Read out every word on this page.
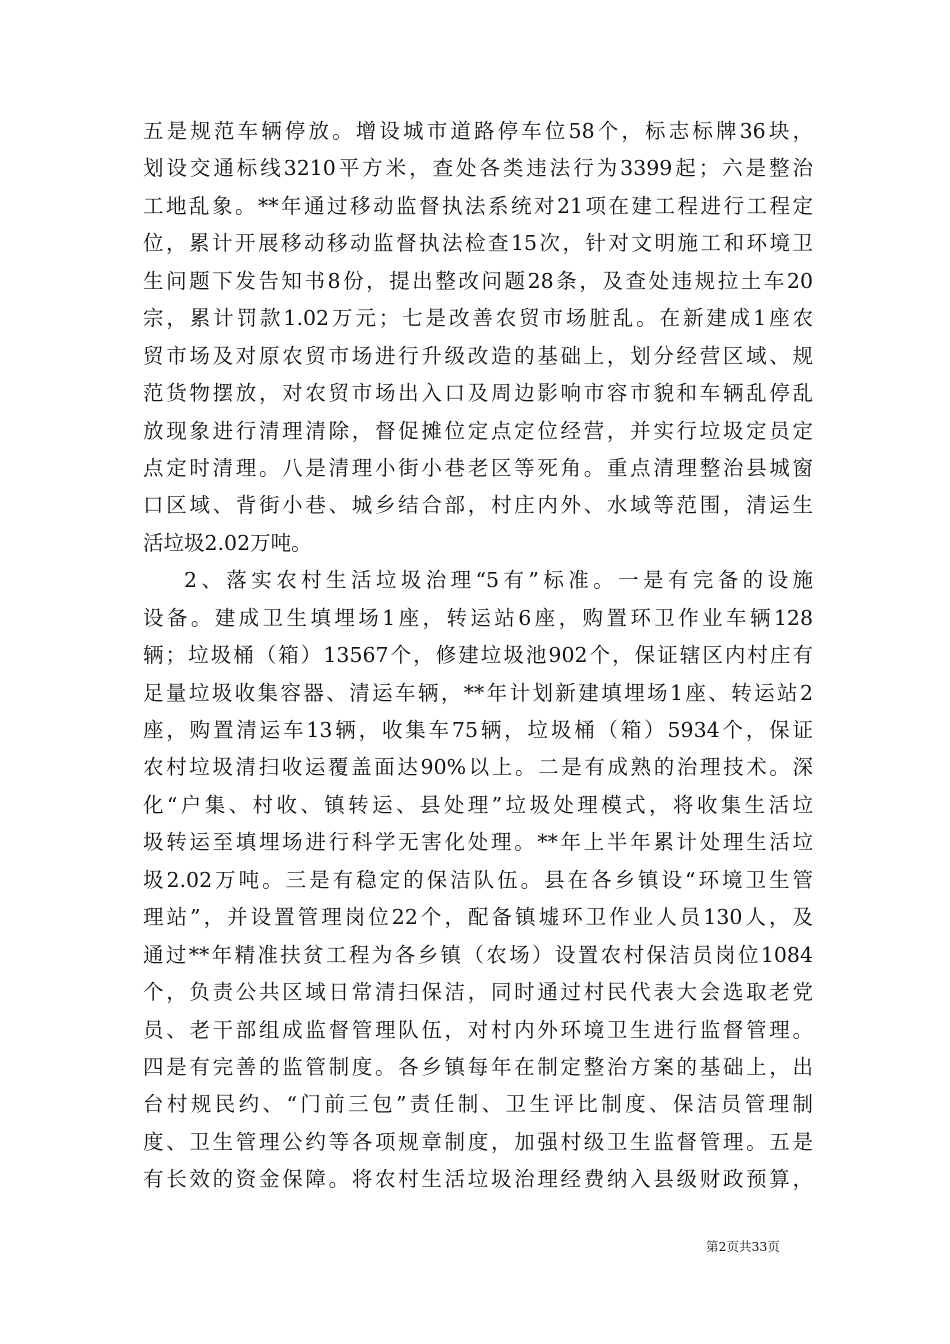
五是规范车辆停放。增设城市道路停车位58个，标志标牌36块，
划设交通标线3210平方米，查处各类违法行为3399起；六是整治
工地乱象。**年通过移动监督执法系统对21项在建工程进行工程定
位，累计开展移动移动监督执法检查15次，针对文明施工和环境卫
生问题下发告知书8份，提出整改问题28条，及查处违规拉土车20
宗，累计罚款1.02万元；七是改善农贸市场脏乱。在新建成1座农
贸市场及对原农贸市场进行升级改造的基础上，划分经营区域、规
范货物摆放，对农贸市场出入口及周边影响市容市貌和车辆乱停乱
放现象进行清理清除，督促摊位定点定位经营，并实行垃圾定员定
点定时清理。八是清理小街小巷老区等死角。重点清理整治县城窗
口区域、背街小巷、城乡结合部，村庄内外、水域等范围，清运生
活垃圾2.02万吨。
2、落实农村生活垃圾治理“5有”标准。一是有完备的设施
设备。建成卫生填埋场1座，转运站6座，购置环卫作业车辆128
辆；垃圾桶（箱）13567个，修建垃圾池902个，保证辖区内村庄有
足量垃圾收集容器、清运车辆，**年计划新建填埋场1座、转运站2
座，购置清运车13辆，收集车75辆，垃圾桶（箱）5934个，保证
农村垃圾清扫收运覆盖面达90%以上。二是有成熟的治理技术。深
化“户集、村收、镇转运、县处理”垃圾处理模式，将收集生活垃
圾转运至填埋场进行科学无害化处理。**年上半年累计处理生活垃
圾2.02万吨。三是有稳定的保洁队伍。县在各乡镇设“环境卫生管
理站”，并设置管理岗位22个，配备镇墟环卫作业人员130人，及
通过**年精准扶贫工程为各乡镇（农场）设置农村保洁员岗位1084
个，负责公共区域日常清扫保洁，同时通过村民代表大会选取老党
员、老干部组成监督管理队伍，对村内外环境卫生进行监督管理。
四是有完善的监管制度。各乡镇每年在制定整治方案的基础上，出
台村规民约、“门前三包”责任制、卫生评比制度、保洁员管理制
度、卫生管理公约等各项规章制度，加强村级卫生监督管理。五是
有长效的资金保障。将农村生活垃圾治理经费纳入县级财政预算，
第2页共33页
